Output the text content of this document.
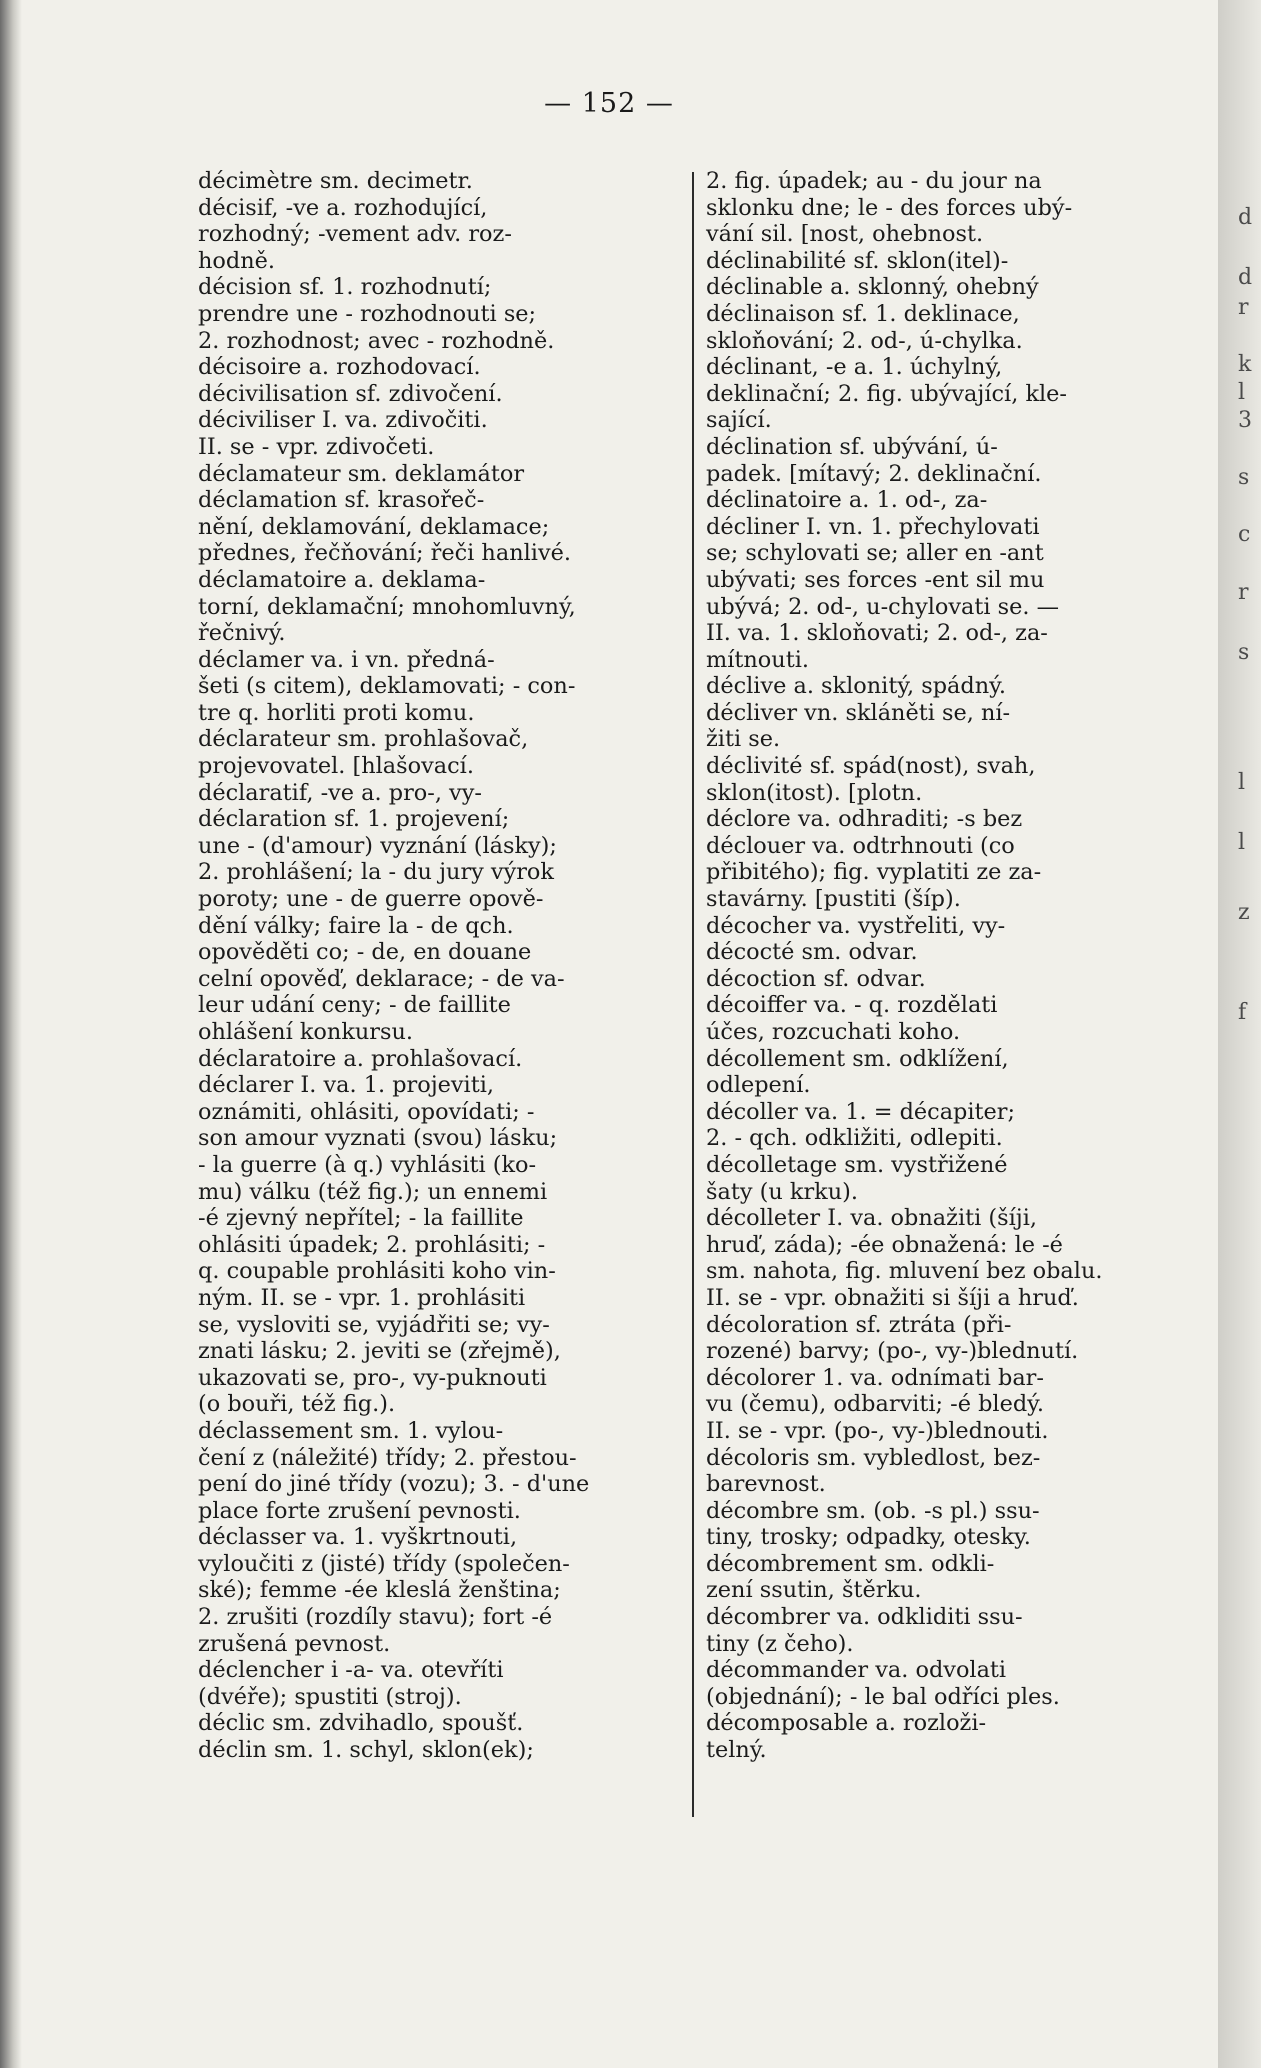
— 152 —
décimètre sm. decimetr.
décisif, -ve a. rozhodující,
rozhodný; -vement adv. roz-
hodně.
décision sf. 1. rozhodnutí;
prendre une - rozhodnouti se;
2. rozhodnost; avec - rozhodně.
décisoire a. rozhodovací.
décivilisation sf. zdivočení.
déciviliser I. va. zdivočiti.
II. se - vpr. zdivočeti.
déclamateur sm. deklamátor
déclamation sf. krasořeč-
nění, deklamování, deklamace;
přednes, řečňování; řeči hanlivé.
déclamatoire a. deklama-
torní, deklamační; mnohomluvný,
řečnivý.
déclamer va. i vn. předná-
šeti (s citem), deklamovati; - con-
tre q. horliti proti komu.
déclarateur sm. prohlašovač,
projevovatel. [hlašovací.
déclaratif, -ve a. pro-, vy-
déclaration sf. 1. projevení;
une - (d'amour) vyznání (lásky);
2. prohlášení; la - du jury výrok
poroty; une - de guerre opově-
dění války; faire la - de qch.
opověděti co; - de, en douane
celní opověď, deklarace; - de va-
leur udání ceny; - de faillite
ohlášení konkursu.
déclaratoire a. prohlašovací.
déclarer I. va. 1. projeviti,
oznámiti, ohlásiti, opovídati; -
son amour vyznati (svou) lásku;
- la guerre (à q.) vyhlásiti (ko-
mu) válku (též fig.); un ennemi
-é zjevný nepřítel; - la faillite
ohlásiti úpadek; 2. prohlásiti; -
q. coupable prohlásiti koho vin-
ným. II. se - vpr. 1. prohlásiti
se, vysloviti se, vyjádřiti se; vy-
znati lásku; 2. jeviti se (zřejmě),
ukazovati se, pro-, vy-puknouti
(o bouři, též fig.).
déclassement sm. 1. vylou-
čení z (náležité) třídy; 2. přestou-
pení do jiné třídy (vozu); 3. - d'une
place forte zrušení pevnosti.
déclasser va. 1. vyškrtnouti,
vyloučiti z (jisté) třídy (společen-
ské); femme -ée kleslá ženština;
2. zrušiti (rozdíly stavu); fort -é
zrušená pevnost.
déclencher i -a- va. otevříti
(dvéře); spustiti (stroj).
déclic sm. zdvihadlo, spoušť.
déclin sm. 1. schyl, sklon(ek);
2. fig. úpadek; au - du jour na
sklonku dne; le - des forces ubý-
vání sil. [nost, ohebnost.
déclinabilité sf. sklon(itel)-
déclinable a. sklonný, ohebný
déclinaison sf. 1. deklinace,
skloňování; 2. od-, ú-chylka.
déclinant, -e a. 1. úchylný,
deklinační; 2. fig. ubývající, kle-
sající.
déclination sf. ubývání, ú-
padek. [mítavý; 2. deklinační.
déclinatoire a. 1. od-, za-
décliner I. vn. 1. přechylovati
se; schylovati se; aller en -ant
ubývati; ses forces -ent sil mu
ubývá; 2. od-, u-chylovati se. —
II. va. 1. skloňovati; 2. od-, za-
mítnouti.
déclive a. sklonitý, spádný.
décliver vn. skláněti se, ní-
žiti se.
déclivité sf. spád(nost), svah,
sklon(itost). [plotn.
déclore va. odhraditi; -s bez
déclouer va. odtrhnouti (co
přibitého); fig. vyplatiti ze za-
stavárny. [pustiti (šíp).
décocher va. vystřeliti, vy-
décocté sm. odvar.
décoction sf. odvar.
décoiffer va. - q. rozdělati
účes, rozcuchati koho.
décollement sm. odklížení,
odlepení.
décoller va. 1. = décapiter;
2. - qch. odkližiti, odlepiti.
décolletage sm. vystřižené
šaty (u krku).
décolleter I. va. obnažiti (šíji,
hruď, záda); -ée obnažená: le -é
sm. nahota, fig. mluvení bez obalu.
II. se - vpr. obnažiti si šíji a hruď.
décoloration sf. ztráta (při-
rozené) barvy; (po-, vy-)blednutí.
décolorer 1. va. odnímati bar-
vu (čemu), odbarviti; -é bledý.
II. se - vpr. (po-, vy-)blednouti.
décoloris sm. vybledlost, bez-
barevnost.
décombre sm. (ob. -s pl.) ssu-
tiny, trosky; odpadky, otesky.
décombrement sm. odkli-
zení ssutin, štěrku.
décombrer va. odkliditi ssu-
tiny (z čeho).
décommander va. odvolati
(objednání); - le bal odříci ples.
décomposable a. rozloži-
telný.
d
d
r
k
l
3
s
c
r
s
l
l
z
f
